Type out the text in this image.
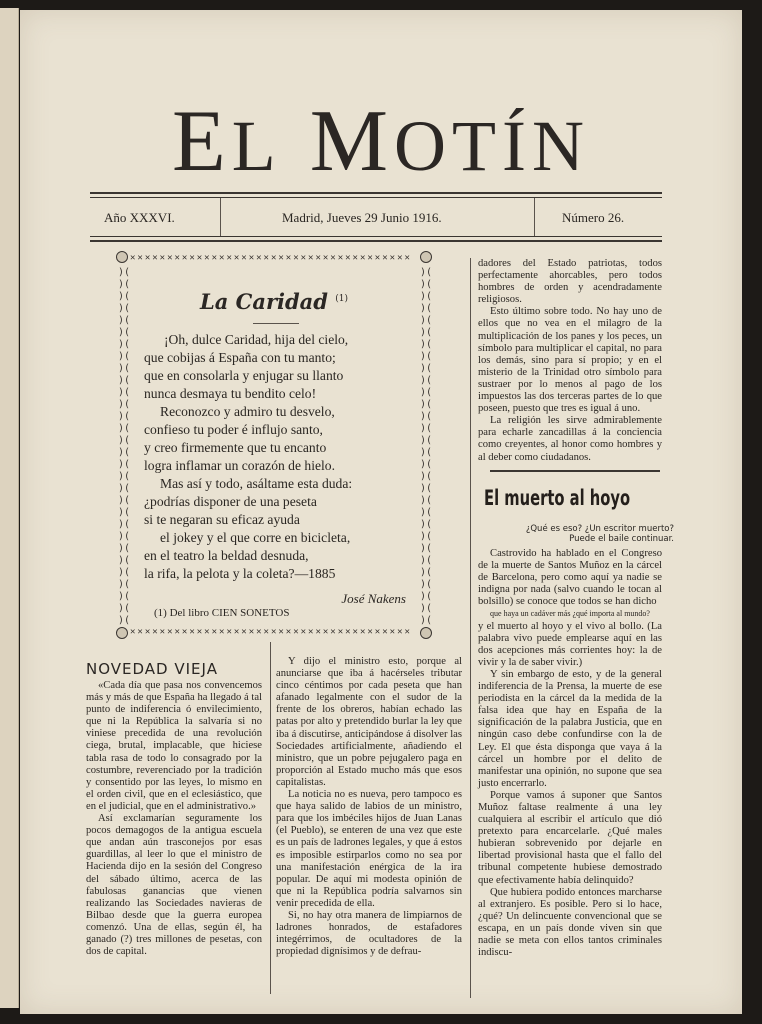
EL MOTÍN
Año XXXVI.	Madrid, Jueves 29 Junio 1916.	Número 26.
✕✕✕✕✕✕✕✕✕✕✕✕✕✕✕✕✕✕✕✕✕✕✕✕✕✕✕✕✕✕✕✕✕✕✕✕✕✕
✕✕✕✕✕✕✕✕✕✕✕✕✕✕✕✕✕✕✕✕✕✕✕✕✕✕✕✕✕✕✕✕✕✕✕✕✕✕
)(
)(
)(
)(
)(
)(
)(
)(
)(
)(
)(
)(
)(
)(
)(
)(
)(
)(
)(
)(
)(
)(
)(
)(
)(
)(
)(
)(
)(
)(
)(
)(
)(
)(
)(
)(
)(
)(
)(
)(
)(
)(
)(
)(
)(
)(
)(
)(
)(
)(
)(
)(
)(
)(
)(
)(
)(
)(
)(
)(
La Caridad $^{(1)}$
¡Oh, dulce Caridad, hija del cielo,
que cobijas á España con tu manto;
que en consolarla y enjugar su llanto
nunca desmaya tu bendito celo!
Reconozco y admiro tu desvelo,
confieso tu poder é influjo santo,
y creo firmemente que tu encanto
logra inflamar un corazón de hielo.
Mas así y todo, asáltame esta duda:
¿podrías disponer de una peseta
si te negaran su eficaz ayuda
el jokey y el que corre en bicicleta,
en el teatro la beldad desnuda,
la rifa, la pelota y la coleta?—1885
José Nakens
(1) Del libro CIEN SONETOS

dadores del Estado patriotas, todos perfectamente ahorcables, pero todos hombres de orden y acendradamente religiosos.

Esto último sobre todo. No hay uno de ellos que no vea en el milagro de la multiplicación de los panes y los peces, un símbolo para multiplicar el capital, no para los demás, sino para sí propio; y en el misterio de la Trinidad otro símbolo para sustraer por lo menos al pago de los impuestos las dos terceras partes de lo que poseen, puesto que tres es igual á uno.

La religión les sirve admirablemente para echarle zancadillas á la conciencia como creyentes, al honor como hombres y al deber como ciudadanos.

El muerto al hoyo
¿Qué es eso? ¿Un escritor muerto?
Puede el baile continuar.

Castrovido ha hablado en el Congreso de la muerte de Santos Muñoz en la cárcel de Barcelona, pero como aquí ya nadie se indigna por nada (salvo cuando le tocan al bolsillo) se conoce que todos se han dicho

que haya un cadáver más ¿qué importa al mundo?

y el muerto al hoyo y el vivo al bollo. (La palabra vivo puede emplearse aquí en las dos acepciones más corrientes hoy: la de vivir y la de saber vivir.)

Y sin embargo de esto, y de la general indiferencia de la Prensa, la muerte de ese periodista en la cárcel da la medida de la falsa idea que hay en España de la significación de la palabra Justicia, que en ningún caso debe confundirse con la de Ley. El que ésta disponga que vaya á la cárcel un hombre por el delito de manifestar una opinión, no supone que sea justo encerrarlo.

Porque vamos á suponer que Santos Muñoz faltase realmente á una ley cualquiera al escribir el artículo que dió pretexto para encarcelarle. ¿Qué males hubieran sobrevenido por dejarle en libertad provisional hasta que el fallo del tribunal competente hubiese demostrado que efectivamente había delinquido?

Que hubiera podido entonces marcharse al extranjero. Es posible. Pero si lo hace, ¿qué? Un delincuente convencional que se escapa, en un país donde viven sin que nadie se meta con ellos tantos criminales indiscu-

NOVEDAD VIEJA

«Cada día que pasa nos convencemos más y más de que España ha llegado á tal punto de indiferencia ó envilecimiento, que ni la República la salvaría si no viniese precedida de una revolución ciega, brutal, implacable, que hiciese tabla rasa de todo lo consagrado por la costumbre, reverenciado por la tradición y consentido por las leyes, lo mismo en el orden civil, que en el eclesiástico, que en el judicial, que en el administrativo.»

Así exclamarían seguramente los pocos demagogos de la antigua escuela que andan aún trasconejos por esas guardillas, al leer lo que el ministro de Hacienda dijo en la sesión del Congreso del sábado último, acerca de las fabulosas ganancias que vienen realizando las Sociedades navieras de Bilbao desde que la guerra europea comenzó. Una de ellas, según él, ha ganado (?) tres millones de pesetas, con dos de capital.

Y dijo el ministro esto, porque al anunciarse que iba á hacérseles tributar cinco céntimos por cada peseta que han afanado legalmente con el sudor de la frente de los obreros, habían echado las patas por alto y pretendido burlar la ley que iba á discutirse, anticipándose á disolver las Sociedades artificialmente, añadiendo el ministro, que un pobre pejugalero paga en proporción al Estado mucho más que esos capitalistas.

La noticia no es nueva, pero tampoco es que haya salido de labios de un ministro, para que los imbéciles hijos de Juan Lanas (el Pueblo), se enteren de una vez que este es un país de ladrones legales, y que á estos es imposible estirparlos como no sea por una manifestación enérgica de la ira popular. De aquí mi modesta opinión de que ni la República podría salvarnos sin venir precedida de ella.

Si, no hay otra manera de limpiarnos de ladrones honrados, de estafadores integérrimos, de ocultadores de la propiedad dignísimos y de defrau-
